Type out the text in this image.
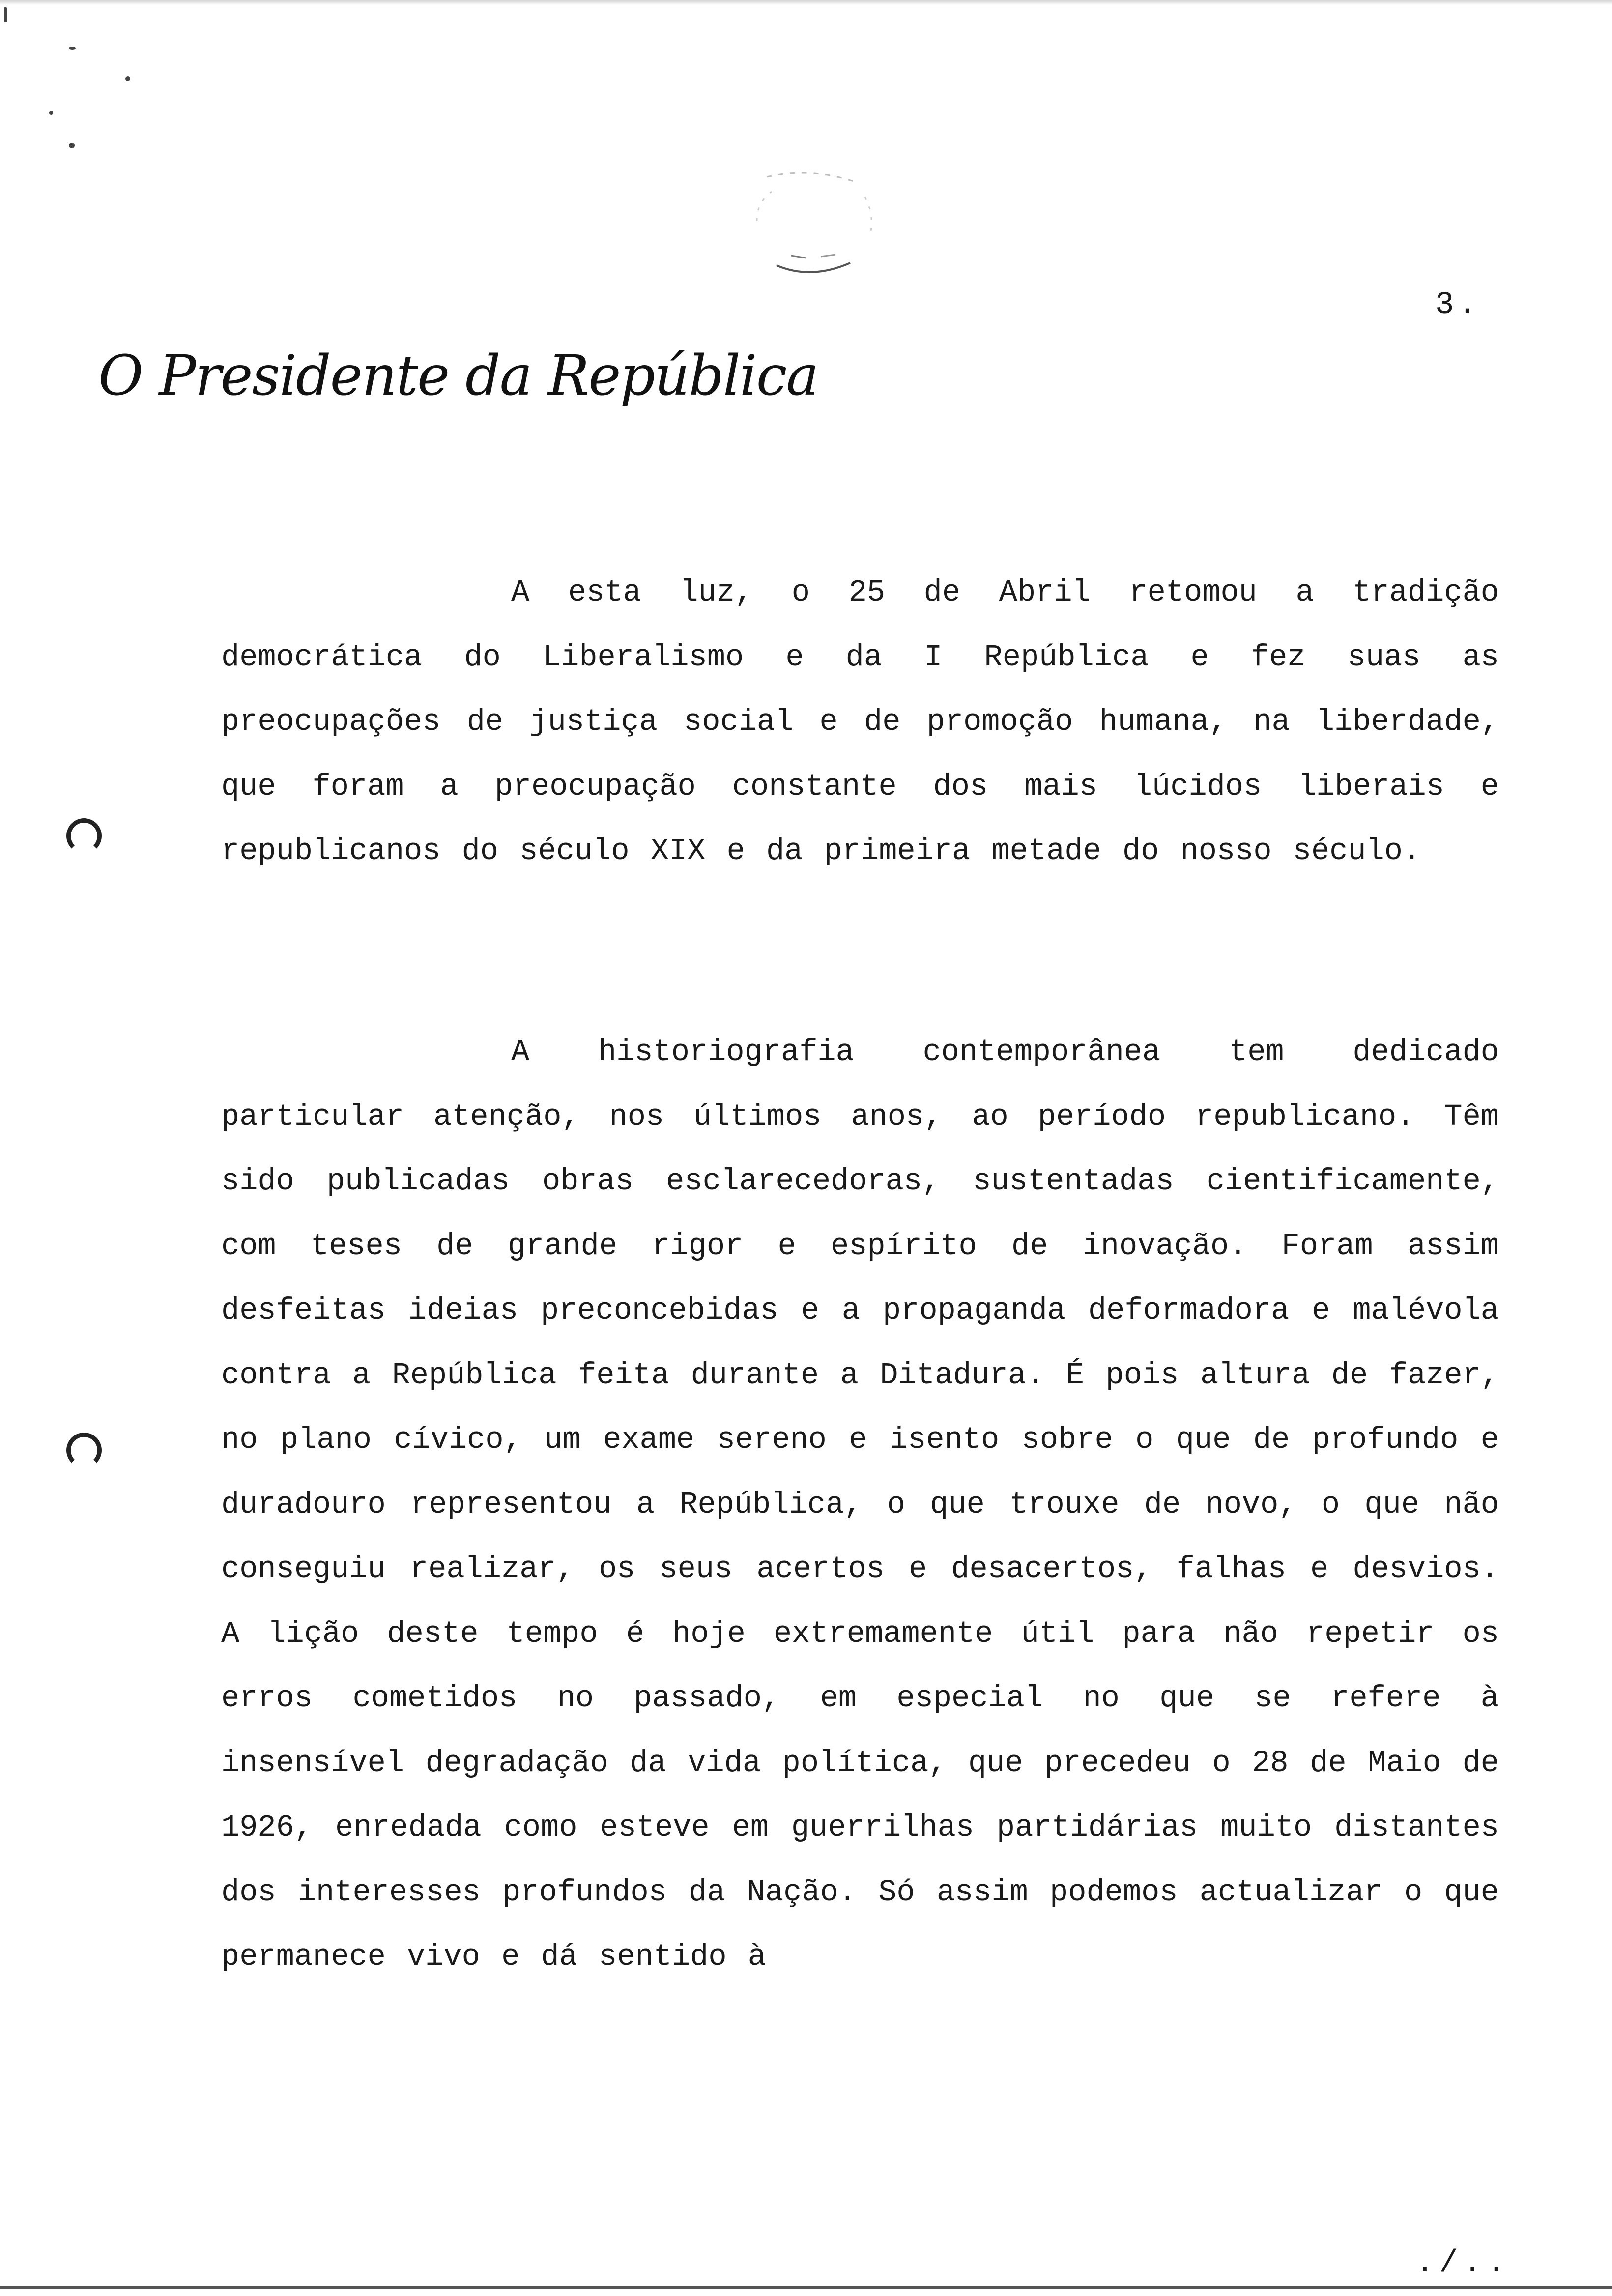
3.
O Presidente da República

A esta luz, o 25 de Abril retomou a tradição democrática do Liberalismo e da I República e fez suas as preocupações de justiça social e de promoção humana, na liberdade, que foram a preocupação constante dos mais lúcidos liberais e republicanos do século XIX e da primeira metade do nosso século.

A historiografia contemporânea tem dedicado particular atenção, nos últimos anos, ao período republicano. Têm sido publicadas obras esclarecedoras, sustentadas cientificamente, com teses de grande rigor e espírito de inovação. Foram assim desfeitas ideias preconcebidas e a propaganda deformadora e malévola contra a República feita durante a Ditadura. É pois altura de fazer, no plano cívico, um exame sereno e isento sobre o que de profundo e duradouro representou a República, o que trouxe de novo, o que não conseguiu realizar, os seus acertos e desacertos, falhas e desvios. A lição deste tempo é hoje extremamente útil para não repetir os erros cometidos no passado, em especial no que se refere à insensível degradação da vida política, que precedeu o 28 de Maio de 1926, enredada como esteve em guerrilhas partidárias muito distantes dos interesses profundos da Nação. Só assim podemos actualizar o que permanece vivo e dá sentido à

./..
